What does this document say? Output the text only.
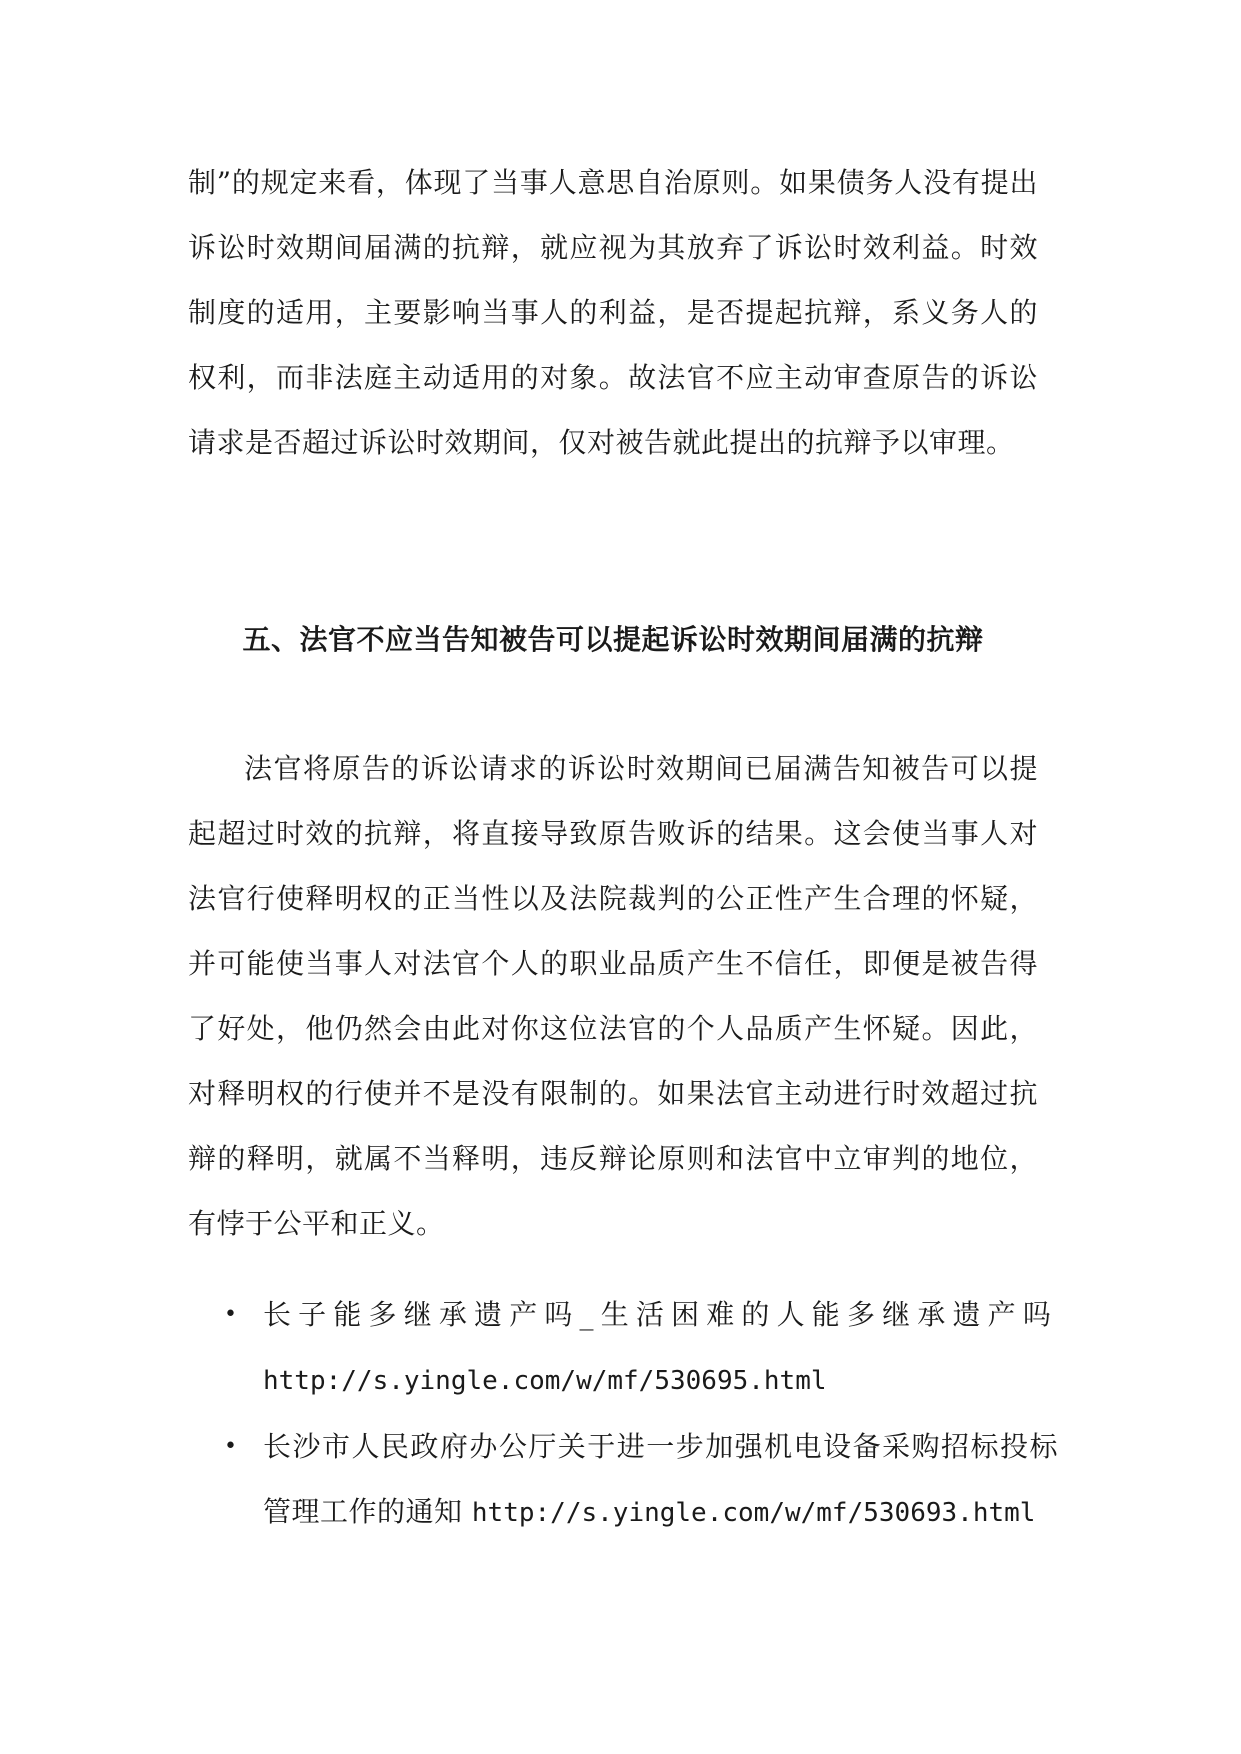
制”的规定来看，体现了当事人意思自治原则。如果债务人没有提出诉讼时效期间届满的抗辩，就应视为其放弃了诉讼时效利益。时效制度的适用，主要影响当事人的利益，是否提起抗辩，系义务人的权利，而非法庭主动适用的对象。故法官不应主动审查原告的诉讼请求是否超过诉讼时效期间，仅对被告就此提出的抗辩予以审理。

五、法官不应当告知被告可以提起诉讼时效期间届满的抗辩

法官将原告的诉讼请求的诉讼时效期间已届满告知被告可以提起超过时效的抗辩，将直接导致原告败诉的结果。这会使当事人对法官行使释明权的正当性以及法院裁判的公正性产生合理的怀疑，并可能使当事人对法官个人的职业品质产生不信任，即便是被告得了好处，他仍然会由此对你这位法官的个人品质产生怀疑。因此，对释明权的行使并不是没有限制的。如果法官主动进行时效超过抗辩的释明，就属不当释明，违反辩论原则和法官中立审判的地位，有悖于公平和正义。

• 长子能多继承遗产吗_生活困难的人能多继承遗产吗 http://s.yingle.com/w/mf/530695.html
• 长沙市人民政府办公厅关于进一步加强机电设备采购招标投标管理工作的通知 http://s.yingle.com/w/mf/530693.html
